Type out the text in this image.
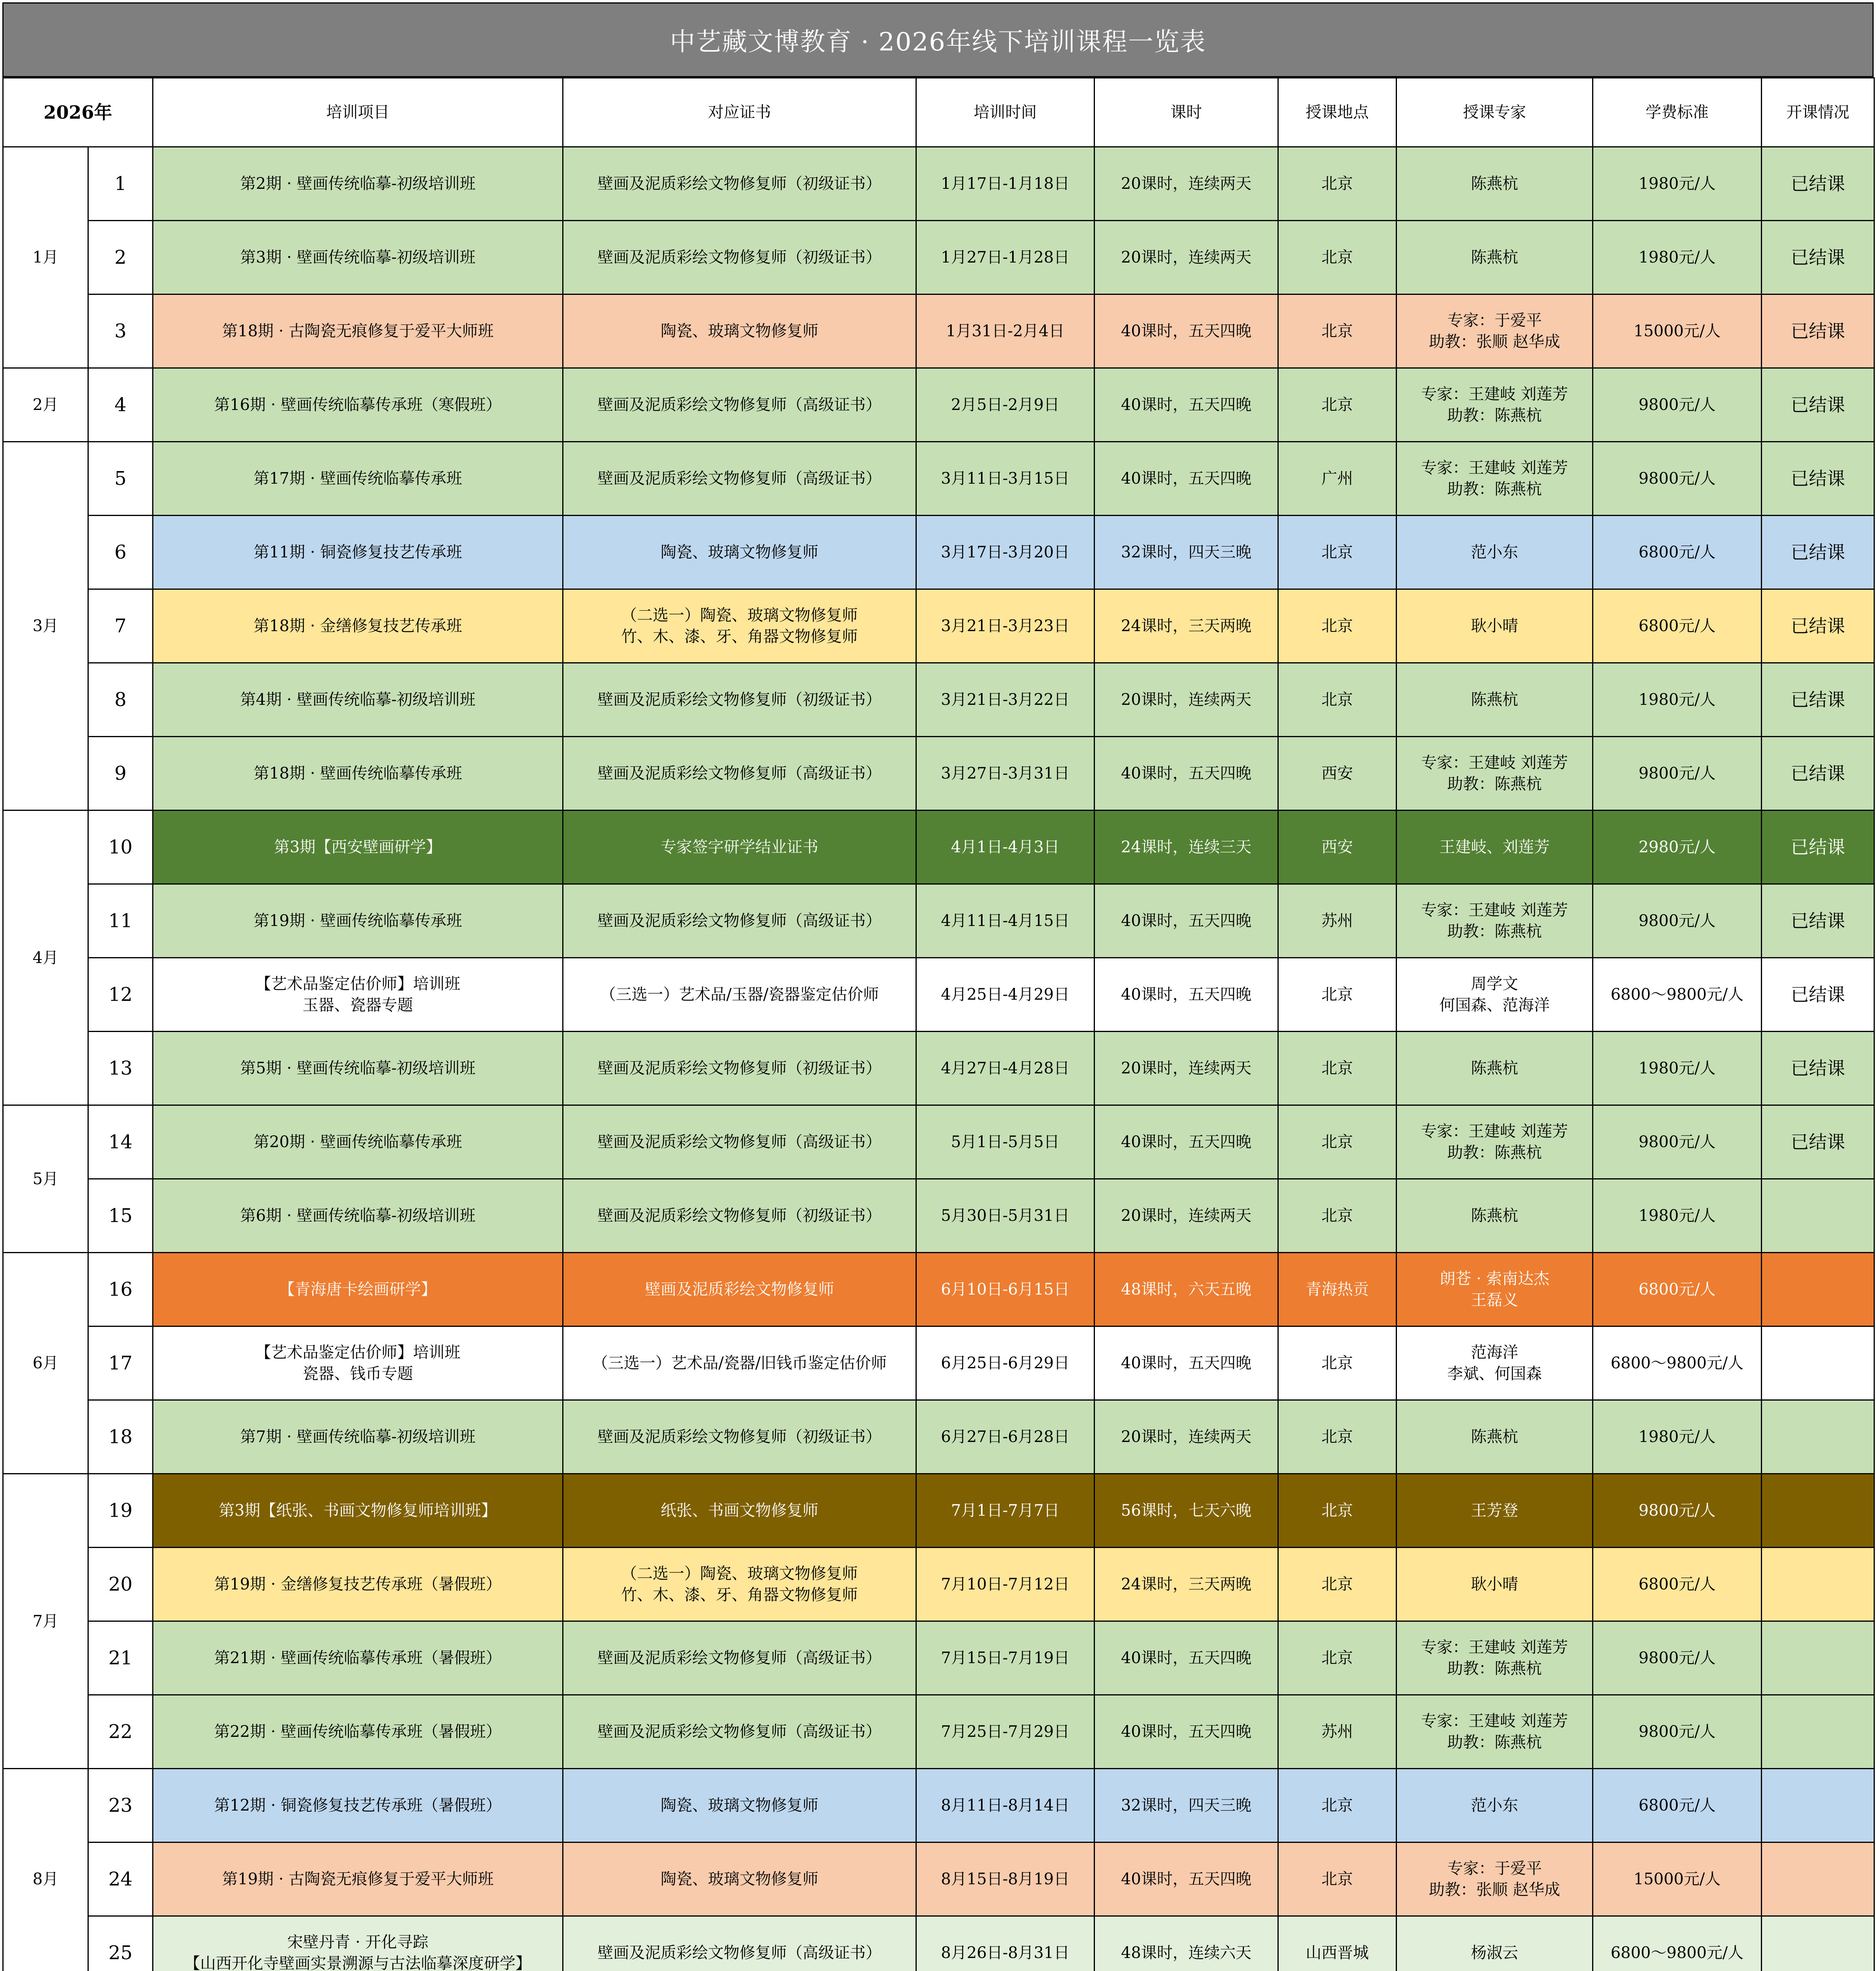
中艺藏文博教育 · 2026年线下培训课程一览表
2026年		培训项目	对应证书	培训时间	课时	授课地点	授课专家	学费标准	开课情况
1月	1	第2期 · 壁画传统临摹-初级培训班	壁画及泥质彩绘文物修复师（初级证书）	1月17日-1月18日	20课时，连续两天	北京	陈燕杭	1980元/人	已结课
	2	第3期 · 壁画传统临摹-初级培训班	壁画及泥质彩绘文物修复师（初级证书）	1月27日-1月28日	20课时，连续两天	北京	陈燕杭	1980元/人	已结课
	3	第18期 · 古陶瓷无痕修复于爱平大师班	陶瓷、玻璃文物修复师	1月31日-2月4日	40课时，五天四晚	北京	专家：于爱平
助教：张顺 赵华成	15000元/人	已结课
2月	4	第16期 · 壁画传统临摹传承班（寒假班）	壁画及泥质彩绘文物修复师（高级证书）	2月5日-2月9日	40课时，五天四晚	北京	专家：王建岐 刘莲芳
助教：陈燕杭	9800元/人	已结课
3月	5	第17期 · 壁画传统临摹传承班	壁画及泥质彩绘文物修复师（高级证书）	3月11日-3月15日	40课时，五天四晚	广州	专家：王建岐 刘莲芳
助教：陈燕杭	9800元/人	已结课
	6	第11期 · 铜瓷修复技艺传承班	陶瓷、玻璃文物修复师	3月17日-3月20日	32课时，四天三晚	北京	范小东	6800元/人	已结课
	7	第18期 · 金缮修复技艺传承班	（二选一）陶瓷、玻璃文物修复师
竹、木、漆、牙、角器文物修复师	3月21日-3月23日	24课时，三天两晚	北京	耿小晴	6800元/人	已结课
	8	第4期 · 壁画传统临摹-初级培训班	壁画及泥质彩绘文物修复师（初级证书）	3月21日-3月22日	20课时，连续两天	北京	陈燕杭	1980元/人	已结课
	9	第18期 · 壁画传统临摹传承班	壁画及泥质彩绘文物修复师（高级证书）	3月27日-3月31日	40课时，五天四晚	西安	专家：王建岐 刘莲芳
助教：陈燕杭	9800元/人	已结课
4月	10	第3期【西安壁画研学】	专家签字研学结业证书	4月1日-4月3日	24课时，连续三天	西安	王建岐、刘莲芳	2980元/人	已结课
	11	第19期 · 壁画传统临摹传承班	壁画及泥质彩绘文物修复师（高级证书）	4月11日-4月15日	40课时，五天四晚	苏州	专家：王建岐 刘莲芳
助教：陈燕杭	9800元/人	已结课
	12	【艺术品鉴定估价师】培训班
玉器、瓷器专题	（三选一）艺术品/玉器/瓷器鉴定估价师	4月25日-4月29日	40课时，五天四晚	北京	周学文
何国森、范海洋	6800～9800元/人	已结课
	13	第5期 · 壁画传统临摹-初级培训班	壁画及泥质彩绘文物修复师（初级证书）	4月27日-4月28日	20课时，连续两天	北京	陈燕杭	1980元/人	已结课
5月	14	第20期 · 壁画传统临摹传承班	壁画及泥质彩绘文物修复师（高级证书）	5月1日-5月5日	40课时，五天四晚	北京	专家：王建岐 刘莲芳
助教：陈燕杭	9800元/人	已结课
	15	第6期 · 壁画传统临摹-初级培训班	壁画及泥质彩绘文物修复师（初级证书）	5月30日-5月31日	20课时，连续两天	北京	陈燕杭	1980元/人	
6月	16	【青海唐卡绘画研学】	壁画及泥质彩绘文物修复师	6月10日-6月15日	48课时，六天五晚	青海热贡	朗苍 · 索南达杰
王磊义	6800元/人	
	17	【艺术品鉴定估价师】培训班
瓷器、钱币专题	（三选一）艺术品/瓷器/旧钱币鉴定估价师	6月25日-6月29日	40课时，五天四晚	北京	范海洋
李斌、何国森	6800～9800元/人	
	18	第7期 · 壁画传统临摹-初级培训班	壁画及泥质彩绘文物修复师（初级证书）	6月27日-6月28日	20课时，连续两天	北京	陈燕杭	1980元/人	
7月	19	第3期【纸张、书画文物修复师培训班】	纸张、书画文物修复师	7月1日-7月7日	56课时，七天六晚	北京	王芳登	9800元/人	
	20	第19期 · 金缮修复技艺传承班（暑假班）	（二选一）陶瓷、玻璃文物修复师
竹、木、漆、牙、角器文物修复师	7月10日-7月12日	24课时，三天两晚	北京	耿小晴	6800元/人	
	21	第21期 · 壁画传统临摹传承班（暑假班）	壁画及泥质彩绘文物修复师（高级证书）	7月15日-7月19日	40课时，五天四晚	北京	专家：王建岐 刘莲芳
助教：陈燕杭	9800元/人	
	22	第22期 · 壁画传统临摹传承班（暑假班）	壁画及泥质彩绘文物修复师（高级证书）	7月25日-7月29日	40课时，五天四晚	苏州	专家：王建岐 刘莲芳
助教：陈燕杭	9800元/人	
8月	23	第12期 · 铜瓷修复技艺传承班（暑假班）	陶瓷、玻璃文物修复师	8月11日-8月14日	32课时，四天三晚	北京	范小东	6800元/人	
	24	第19期 · 古陶瓷无痕修复于爱平大师班	陶瓷、玻璃文物修复师	8月15日-8月19日	40课时，五天四晚	北京	专家：于爱平
助教：张顺 赵华成	15000元/人	
	25	宋壁丹青 · 开化寻踪
【山西开化寺壁画实景溯源与古法临摹深度研学】	壁画及泥质彩绘文物修复师（高级证书）	8月26日-8月31日	48课时，连续六天	山西晋城	杨淑云	6800～9800元/人	
